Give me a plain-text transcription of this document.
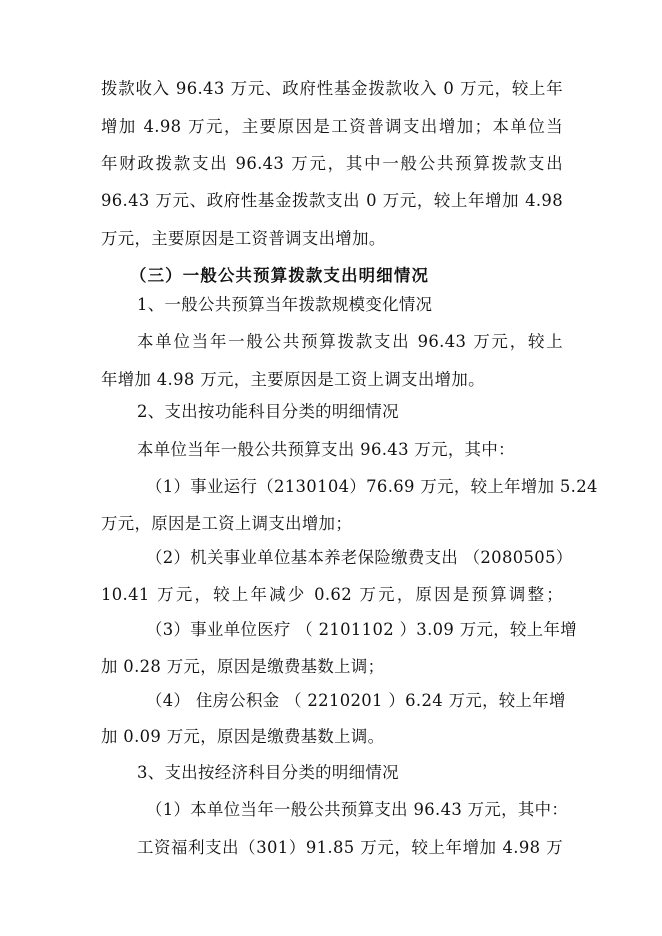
拨款收入 96.43 万元、政府性基金拨款收入 0 万元，较上年
增加 4.98 万元，主要原因是工资普调支出增加；本单位当
年财政拨款支出 96.43 万元，其中一般公共预算拨款支出
96.43 万元、政府性基金拨款支出 0 万元，较上年增加 4.98
万元，主要原因是工资普调支出增加。
（三）一般公共预算拨款支出明细情况
1、一般公共预算当年拨款规模变化情况
本单位当年一般公共预算拨款支出 96.43 万元，较上
年增加 4.98 万元，主要原因是工资上调支出增加。
2、支出按功能科目分类的明细情况
本单位当年一般公共预算支出 96.43 万元，其中：
（1）事业运行（2130104）76.69 万元，较上年增加 5.24
万元，原因是工资上调支出增加；
（2）机关事业单位基本养老保险缴费支出 （2080505）
10.41 万元，较上年减少 0.62 万元，原因是预算调整；
（3）事业单位医疗 （ 2101102 ）3.09 万元，较上年增
加 0.28 万元，原因是缴费基数上调；
（4） 住房公积金 （ 2210201 ）6.24 万元，较上年增
加 0.09 万元，原因是缴费基数上调。
3、支出按经济科目分类的明细情况
（1）本单位当年一般公共预算支出 96.43 万元，其中：
工资福利支出（301）91.85 万元，较上年增加 4.98 万
